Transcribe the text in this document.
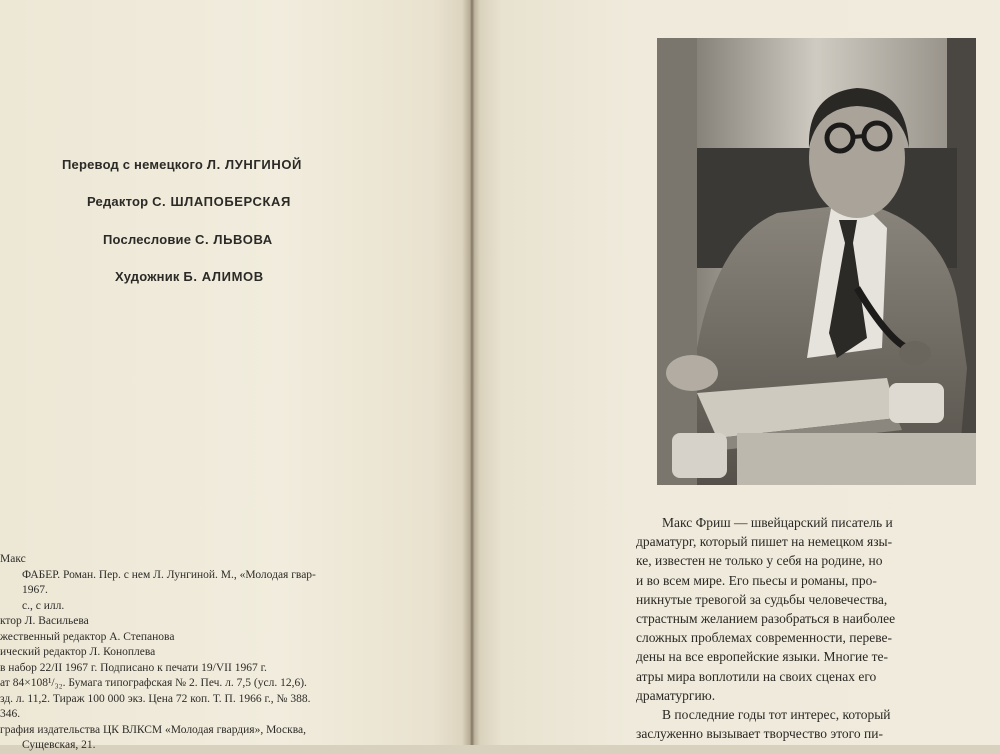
Перевод с немецкого Л. ЛУНГИНОЙ
Редактор С. ШЛАПОБЕРСКАЯ
Послесловие С. ЛЬВОВА
Художник Б. АЛИМОВ
Макс
ФАБЕР. Роман. Пер. с нем Л. Лунгиной. М., «Молодая гвар-
1967.
с., с илл.
ктор Л. Васильева
жественный редактор А. Степанова
ический редактор Л. Коноплева
в набор 22/II 1967 г. Подписано к печати 19/VII 1967 г.
ат 84×108¹/₃₂. Бумага типографская № 2. Печ. л. 7,5 (усл. 12,6).
зд. л. 11,2. Тираж 100 000 экз. Цена 72 коп. Т. П. 1966 г., № 388.
346.
графия издательства ЦК ВЛКСМ «Молодая гвардия», Москва,
Сущевская, 21.
Макс Фриш — швейцарский писатель и
драматург, который пишет на немецком язы-
ке, известен не только у себя на родине, но
и во всем мире. Его пьесы и романы, про-
никнутые тревогой за судьбы человечества,
страстным желанием разобраться в наиболее
сложных проблемах современности, переве-
дены на все европейские языки. Многие те-
атры мира воплотили на своих сценах его
драматургию.
В последние годы тот интерес, который
заслуженно вызывает творчество этого пи-
